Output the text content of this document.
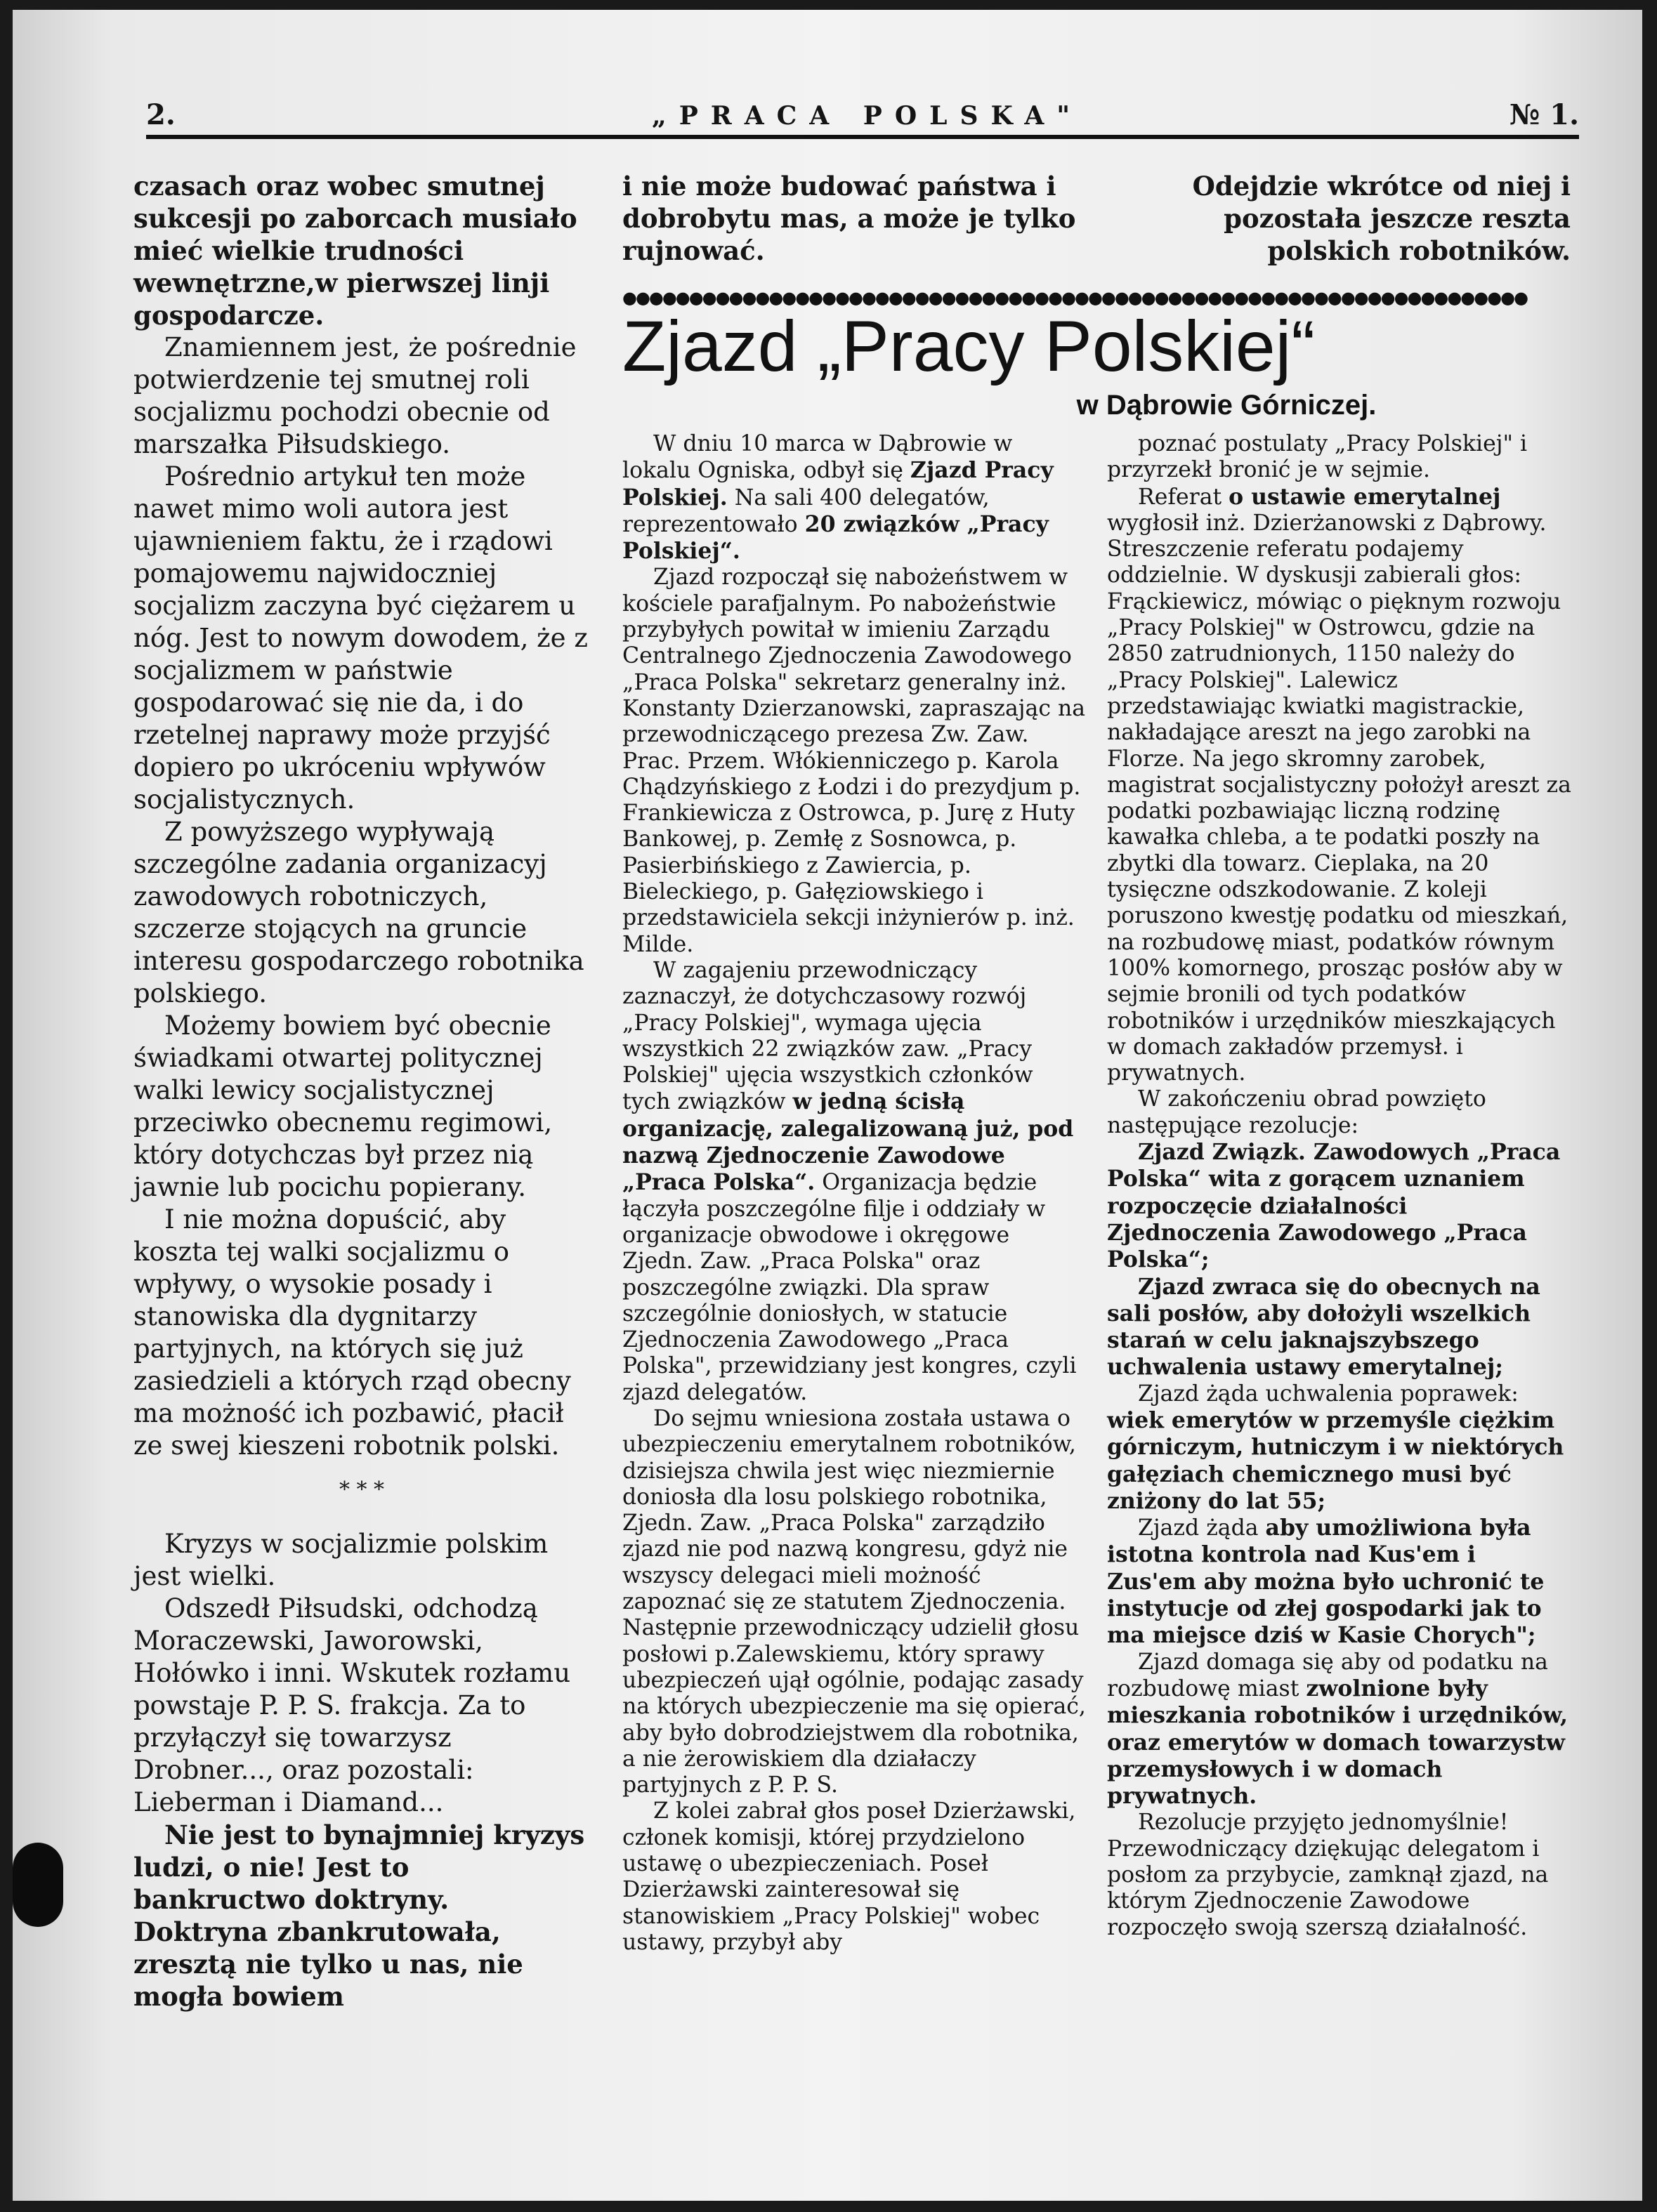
2.	„PRACA POLSKA"	№ 1.

czasach oraz wobec smutnej sukcesji po zaborcach musiało mieć wielkie trudności wewnętrzne,w pierwszej linji gospodarcze.

Znamiennem jest, że pośrednie potwierdzenie tej smutnej roli socjalizmu pochodzi obecnie od marszałka Piłsudskiego.

Pośrednio artykuł ten może nawet mimo woli autora jest ujawnieniem faktu, że i rządowi pomajowemu najwidoczniej socjalizm zaczyna być ciężarem u nóg. Jest to nowym dowodem, że z socjalizmem w państwie gospodarować się nie da, i do rzetelnej naprawy może przyjść dopiero po ukróceniu wpływów socjalistycznych.

Z powyższego wypływają szczególne zadania organizacyj zawodowych robotniczych, szczerze stojących na gruncie interesu gospodarczego robotnika polskiego.

Możemy bowiem być obecnie świadkami otwartej politycznej walki lewicy socjalistycznej przeciwko obecnemu regimowi, który dotychczas był przez nią jawnie lub pocichu popierany.

I nie można dopuścić, aby koszta tej walki socjalizmu o wpływy, o wysokie posady i stanowiska dla dygnitarzy partyjnych, na których się już zasiedzieli a których rząd obecny ma możność ich pozbawić, płacił ze swej kieszeni robotnik polski.

* * *

Kryzys w socjalizmie polskim jest wielki.

Odszedł Piłsudski, odchodzą Moraczewski, Jaworowski, Hołówko i inni. Wskutek rozłamu powstaje P. P. S. frakcja. Za to przyłączył się towarzysz Drobner..., oraz pozostali: Lieberman i Diamand...

Nie jest to bynajmniej kryzys ludzi, o nie! Jest to bankructwo doktryny. Doktryna zbankrutowała, zresztą nie tylko u nas, nie mogła bowiem

i nie może budować państwa i dobrobytu mas, a może je tylko rujnować.
Odejdzie wkrótce od niej i pozostała jeszcze reszta polskich robotników.
●●●●●●●●●●●●●●●●●●●●●●●●●●●●●●●●●●●●●●●●●●●●●●●●●●●●●●●●●●●●●●●●●●●●
Zjazd „Pracy Polskiej“
w Dąbrowie Górniczej.

W dniu 10 marca w Dąbrowie w lokalu Ogniska, odbył się Zjazd Pracy Polskiej. Na sali 400 delegatów, reprezentowało 20 związków „Pracy Polskiej“.

Zjazd rozpoczął się nabożeństwem w kościele parafjalnym. Po nabożeństwie przybyłych powitał w imieniu Zarządu Centralnego Zjednoczenia Zawodowego „Praca Polska" sekretarz generalny inż. Konstanty Dzierzanowski, zapraszając na przewodniczącego prezesa Zw. Zaw. Prac. Przem. Włókienniczego p. Karola Chądzyńskiego z Łodzi i do prezydjum p. Frankiewicza z Ostrowca, p. Jurę z Huty Bankowej, p. Zemłę z Sosnowca, p. Pasierbińskiego z Zawiercia, p. Bieleckiego, p. Gałęziowskiego i przedstawiciela sekcji inżynierów p. inż. Milde.

W zagajeniu przewodniczący zaznaczył, że dotychczasowy rozwój „Pracy Polskiej", wymaga ujęcia wszystkich 22 związków zaw. „Pracy Polskiej" ujęcia wszystkich członków tych związków w jedną ścisłą organizację, zalegalizowaną już, pod nazwą Zjednoczenie Zawodowe „Praca Polska“. Organizacja będzie łączyła poszczególne filje i oddziały w organizacje obwodowe i okręgowe Zjedn. Zaw. „Praca Polska" oraz poszczególne związki. Dla spraw szczególnie doniosłych, w statucie Zjednoczenia Zawodowego „Praca Polska", przewidziany jest kongres, czyli zjazd delegatów.

Do sejmu wniesiona została ustawa o ubezpieczeniu emerytalnem robotników, dzisiejsza chwila jest więc niezmiernie doniosła dla losu polskiego robotnika, Zjedn. Zaw. „Praca Polska" zarządziło zjazd nie pod nazwą kongresu, gdyż nie wszyscy delegaci mieli możność zapoznać się ze statutem Zjednoczenia. Następnie przewodniczący udzielił głosu posłowi p.Zalewskiemu, który sprawy ubezpieczeń ujął ogólnie, podając zasady na których ubezpieczenie ma się opierać, aby było dobrodziejstwem dla robotnika, a nie żerowiskiem dla działaczy partyjnych z P. P. S.

Z kolei zabrał głos poseł Dzierżawski, członek komisji, której przydzielono ustawę o ubezpieczeniach. Poseł Dzierżawski zainteresował się stanowiskiem „Pracy Polskiej" wobec ustawy, przybył aby

poznać postulaty „Pracy Polskiej" i przyrzekł bronić je w sejmie.

Referat o ustawie emerytalnej wygłosił inż. Dzierżanowski z Dąbrowy. Streszczenie referatu podajemy oddzielnie. W dyskusji zabierali głos: Frąckiewicz, mówiąc o pięknym rozwoju „Pracy Polskiej" w Ostrowcu, gdzie na 2850 zatrudnionych, 1150 należy do „Pracy Polskiej". Lalewicz przedstawiając kwiatki magistrackie, nakładające areszt na jego zarobki na Florze. Na jego skromny zarobek, magistrat socjalistyczny położył areszt za podatki pozbawiając liczną rodzinę kawałka chleba, a te podatki poszły na zbytki dla towarz. Cieplaka, na 20 tysięczne odszkodowanie. Z koleji poruszono kwestję podatku od mieszkań, na rozbudowę miast, podatków równym 100% komornego, prosząc posłów aby w sejmie bronili od tych podatków robotników i urzędników mieszkających w domach zakładów przemysł. i prywatnych.

W zakończeniu obrad powzięto następujące rezolucje:

Zjazd Związk. Zawodowych „Praca Polska“ wita z gorącem uznaniem rozpoczęcie działalności Zjednoczenia Zawodowego „Praca Polska“;

Zjazd zwraca się do obecnych na sali posłów, aby dołożyli wszelkich starań w celu jaknajszybszego uchwalenia ustawy emerytalnej;

Zjazd żąda uchwalenia poprawek: wiek emerytów w przemyśle ciężkim górniczym, hutniczym i w niektórych gałęziach chemicznego musi być zniżony do lat 55;

Zjazd żąda aby umożliwiona była istotna kontrola nad Kus'em i Zus'em aby można było uchronić te instytucje od złej gospodarki jak to ma miejsce dziś w Kasie Chorych";

Zjazd domaga się aby od podatku na rozbudowę miast zwolnione były mieszkania robotników i urzędników, oraz emerytów w domach towarzystw przemysłowych i w domach prywatnych.

Rezolucje przyjęto jednomyślnie! Przewodniczący dziękując delegatom i posłom za przybycie, zamknął zjazd, na którym Zjednoczenie Zawodowe rozpoczęło swoją szerszą działalność.
